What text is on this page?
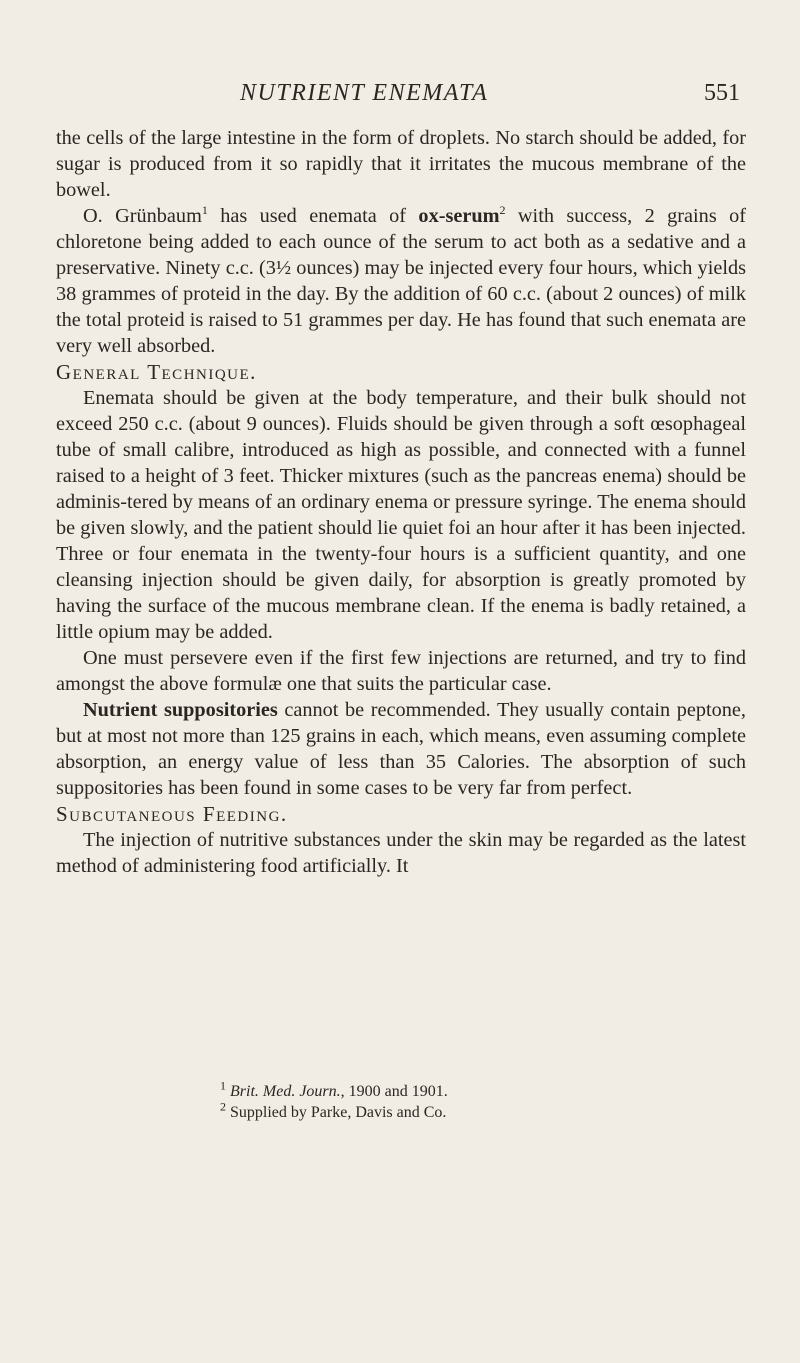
NUTRIENT ENEMATA	551

the cells of the large intestine in the form of droplets. No starch should be added, for sugar is produced from it so rapidly that it irritates the mucous membrane of the bowel.

O. Grünbaum$^1$ has used enemata of ox-serum$^2$ with success, 2 grains of chloretone being added to each ounce of the serum to act both as a sedative and a preservative. Ninety c.c. (3½ ounces) may be injected every four hours, which yields 38 grammes of proteid in the day. By the addition of 60 c.c. (about 2 ounces) of milk the total proteid is raised to 51 grammes per day. He has found that such enemata are very well absorbed.

General Technique.

Enemata should be given at the body temperature, and their bulk should not exceed 250 c.c. (about 9 ounces). Fluids should be given through a soft œsophageal tube of small calibre, introduced as high as possible, and connected with a funnel raised to a height of 3 feet. Thicker mixtures (such as the pancreas enema) should be adminis-tered by means of an ordinary enema or pressure syringe. The enema should be given slowly, and the patient should lie quiet foi an hour after it has been injected. Three or four enemata in the twenty-four hours is a sufficient quantity, and one cleansing injection should be given daily, for absorption is greatly promoted by having the surface of the mucous membrane clean. If the enema is badly retained, a little opium may be added.

One must persevere even if the first few injections are returned, and try to find amongst the above formulæ one that suits the particular case.

Nutrient suppositories cannot be recommended. They usually contain peptone, but at most not more than 125 grains in each, which means, even assuming complete absorption, an energy value of less than 35 Calories. The absorption of such suppositories has been found in some cases to be very far from perfect.

Subcutaneous Feeding.

The injection of nutritive substances under the skin may be regarded as the latest method of administering food artificially. It

$^1$ Brit. Med. Journ., 1900 and 1901.

$^2$ Supplied by Parke, Davis and Co.
